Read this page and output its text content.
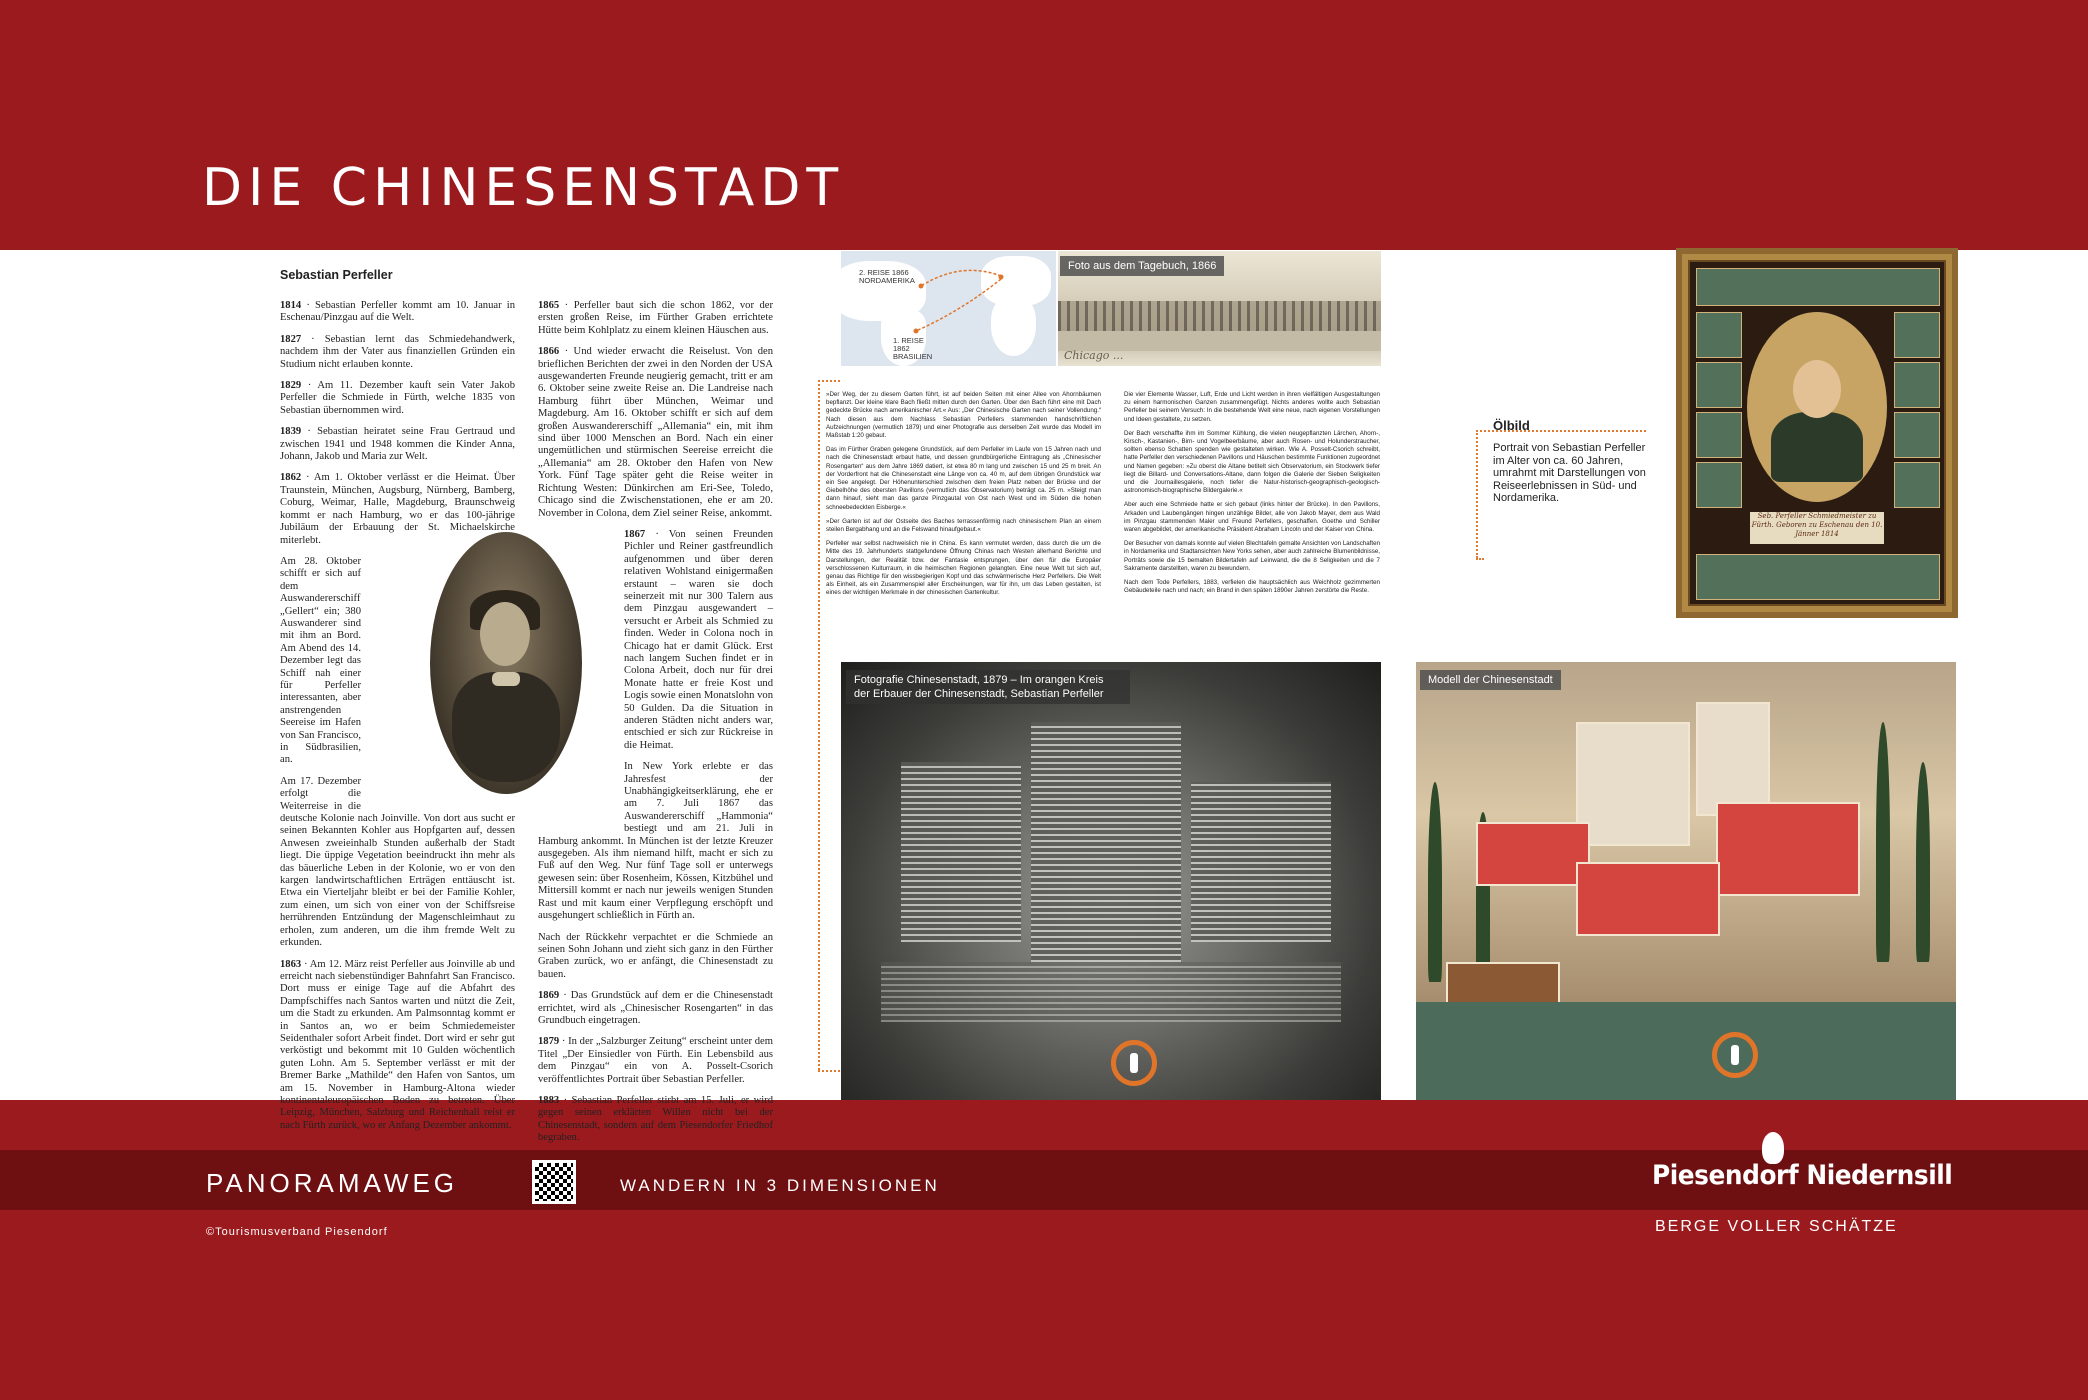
DIE CHINESENSTADT
Sebastian Perfeller

1814 · Sebastian Perfeller kommt am 10. Januar in Eschenau/Pinzgau auf die Welt.

1827 · Sebastian lernt das Schmiedehandwerk, nachdem ihm der Vater aus finanziellen Gründen ein Studium nicht erlauben konnte.

1829 · Am 11. Dezember kauft sein Vater Jakob Perfeller die Schmiede in Fürth, welche 1835 von Sebastian übernommen wird.

1839 · Sebastian heiratet seine Frau Gertraud und zwischen 1941 und 1948 kommen die Kinder Anna, Johann, Jakob und Maria zur Welt.

1862 · Am 1. Oktober verlässt er die Heimat. Über Traunstein, München, Augsburg, Nürnberg, Bamberg, Coburg, Weimar, Halle, Magdeburg, Braunschweig kommt er nach Hamburg, wo er das 100-jährige Jubiläum der Erbauung der St. Michaelskirche miterlebt.

Am 28. Oktober schifft er sich auf dem Auswandererschiff „Gellert“ ein; 380 Auswanderer sind mit ihm an Bord. Am Abend des 14. Dezember legt das Schiff nah einer für Perfeller interessanten, aber anstrengenden Seereise im Hafen von San Francisco, in Südbrasilien, an.

Am 17. Dezember erfolgt die Weiterreise in die deutsche Kolonie nach Joinville. Von dort aus sucht er seinen Bekannten Kohler aus Hopfgarten auf, dessen Anwesen zweieinhalb Stunden außerhalb der Stadt liegt. Die üppige Vegetation beeindruckt ihn mehr als das bäuerliche Leben in der Kolonie, wo er von den kargen landwirtschaftlichen Erträgen enttäuscht ist. Etwa ein Vierteljahr bleibt er bei der Familie Kohler, zum einen, um sich von einer von der Schiffsreise herrührenden Entzündung der Magenschleimhaut zu erholen, zum anderen, um die ihm fremde Welt zu erkunden.

1863 · Am 12. März reist Perfeller aus Joinville ab und erreicht nach siebenstündiger Bahnfahrt San Francisco. Dort muss er einige Tage auf die Abfahrt des Dampfschiffes nach Santos warten und nützt die Zeit, um die Stadt zu erkunden. Am Palmsonntag kommt er in Santos an, wo er beim Schmiedemeister Seidenthaler sofort Arbeit findet. Dort wird er sehr gut verköstigt und bekommt mit 10 Gulden wöchentlich guten Lohn. Am 5. September verlässt er mit der Bremer Barke „Mathilde“ den Hafen von Santos, um am 15. November in Hamburg-Altona wieder kontinentaleuropäischen Boden zu betreten. Über Leipzig, München, Salzburg und Reichenhall reist er nach Fürth zurück, wo er Anfang Dezember ankommt.

1865 · Perfeller baut sich die schon 1862, vor der ersten großen Reise, im Fürther Graben errichtete Hütte beim Kohlplatz zu einem kleinen Häuschen aus.

1866 · Und wieder erwacht die Reiselust. Von den brieflichen Berichten der zwei in den Norden der USA ausgewanderten Freunde neugierig gemacht, tritt er am 6. Oktober seine zweite Reise an. Die Landreise nach Hamburg führt über München, Weimar und Magdeburg. Am 16. Oktober schifft er sich auf dem großen Auswandererschiff „Allemania“ ein, mit ihm sind über 1000 Menschen an Bord. Nach ein einer ungemütlichen und stürmischen Seereise erreicht die „Allemania“ am 28. Oktober den Hafen von New York. Fünf Tage später geht die Reise weiter in Richtung Westen: Dünkirchen am Eri-See, Toledo, Chicago sind die Zwischenstationen, ehe er am 20. November in Colona, dem Ziel seiner Reise, ankommt.

1867 · Von seinen Freunden Pichler und Reiner gastfreundlich aufgenommen und über deren relativen Wohlstand einigermaßen erstaunt – waren sie doch seinerzeit mit nur 300 Talern aus dem Pinzgau ausgewandert – versucht er Arbeit als Schmied zu finden. Weder in Colona noch in Chicago hat er damit Glück. Erst nach langem Suchen findet er in Colona Arbeit, doch nur für drei Monate hatte er freie Kost und Logis sowie einen Monatslohn von 50 Gulden. Da die Situation in anderen Städten nicht anders war, entschied er sich zur Rückreise in die Heimat.

In New York erlebte er das Jahresfest der Unabhängigkeitserklärung, ehe er am 7. Juli 1867 das Auswandererschiff „Hammonia“ bestiegt und am 21. Juli in Hamburg ankommt. In München ist der letzte Kreuzer ausgegeben. Als ihm niemand hilft, macht er sich zu Fuß auf den Weg. Nur fünf Tage soll er unterwegs gewesen sein: über Rosenheim, Kössen, Kitzbühel und Mittersill kommt er nach nur jeweils wenigen Stunden Rast und mit kaum einer Verpflegung erschöpft und ausgehungert schließlich in Fürth an.

Nach der Rückkehr verpachtet er die Schmiede an seinen Sohn Johann und zieht sich ganz in den Fürther Graben zurück, wo er anfängt, die Chinesenstadt zu bauen.

1869 · Das Grundstück auf dem er die Chinesenstadt errichtet, wird als „Chinesischer Rosengarten“ in das Grundbuch eingetragen.

1879 · In der „Salzburger Zeitung“ erscheint unter dem Titel „Der Einsiedler von Fürth. Ein Lebensbild aus dem Pinzgau“ ein von A. Posselt-Csorich veröffentlichtes Portrait über Sebastian Perfeller.

1883 · Sebastian Perfeller stirbt am 15. Juli, er wird gegen seinen erklärten Willen nicht bei der Chinesenstadt, sondern auf dem Piesendorfer Friedhof begraben.

2. REISE 1866 NORDAMERIKA
1. REISE 1862 BRASILIEN	Chicago ...
Foto aus dem Tagebuch, 1866

»Der Weg, der zu diesem Garten führt, ist auf beiden Seiten mit einer Allee von Ahornbäumen bepflanzt. Der kleine klare Bach fließt mitten durch den Garten. Über den Bach führt eine mit Dach gedeckte Brücke nach amerikanischer Art.« Aus: „Der Chinesische Garten nach seiner Vollendung.“ Nach diesen aus dem Nachlass Sebastian Perfellers stammenden handschriftlichen Aufzeichnungen (vermutlich 1879) und einer Photografie aus derselben Zeit wurde das Modell im Maßstab 1:20 gebaut.

Das im Fürther Graben gelegene Grundstück, auf dem Perfeller im Laufe von 15 Jahren nach und nach die Chinesenstadt erbaut hatte, und dessen grundbürgerliche Eintragung als „Chinesischer Rosengarten“ aus dem Jahre 1869 datiert, ist etwa 80 m lang und zwischen 15 und 25 m breit. An der Vorderfront hat die Chinesenstadt eine Länge von ca. 40 m, auf dem übrigen Grundstück war ein See angelegt. Der Höhenunterschied zwischen dem freien Platz neben der Brücke und der Giebelhöhe des obersten Pavillons (vermutlich das Observatorium) beträgt ca. 25 m. »Steigt man dann hinauf, sieht man das ganze Pinzgautal von Ost nach West und im Süden die hohen schneebedeckten Eisberge.«

»Der Garten ist auf der Ostseite des Baches terrassenförmig nach chinesischem Plan an einem steilen Bergabhang und an die Felswand hinaufgebaut.«

Perfeller war selbst nachweislich nie in China. Es kann vermutet werden, dass durch die um die Mitte des 19. Jahrhunderts stattgefundene Öffnung Chinas nach Westen allerhand Berichte und Darstellungen, der Realität bzw. der Fantasie entsprungen, über den für die Europäer verschlossenen Kulturraum, in die heimischen Regionen gelangten. Eine neue Welt tut sich auf, genau das Richtige für den wissbegierigen Kopf und das schwärmerische Herz Perfellers. Die Welt als Einheit, als ein Zusammenspiel aller Erscheinungen, war für ihn, um das Leben gestalten, ist eines der wichtigen Merkmale in der chinesischen Gartenkultur.

Die vier Elemente Wasser, Luft, Erde und Licht werden in ihren vielfältigen Ausgestaltungen zu einem harmonischen Ganzen zusammengefügt. Nichts anderes wollte auch Sebastian Perfeller bei seinem Versuch: In die bestehende Welt eine neue, nach eigenen Vorstellungen und Ideen gestaltete, zu setzen.

Der Bach verschaffte ihm im Sommer Kühlung, die vielen neugepflanzten Lärchen, Ahorn-, Kirsch-, Kastanien-, Birn- und Vogelbeerbäume, aber auch Rosen- und Holunderstraucher, sollten ebenso Schatten spenden wie gestalteten wirken. Wie A. Posselt-Csorich schreibt, hatte Perfeller den verschiedenen Pavillons und Häuschen bestimmte Funktionen zugeordnet und Namen gegeben: »Zu oberst die Altane betitelt sich Observatorium, ein Stockwerk tiefer liegt die Billard- und Conversations-Altane, dann folgen die Galerie der Sieben Seligkeiten und die Journaillesgalerie, noch tiefer die Natur-historisch-geographisch-geologisch-astronomisch-biographische Bildergalerie.«

Aber auch eine Schmiede hatte er sich gebaut (links hinter der Brücke). In den Pavillons, Arkaden und Laubengängen hingen unzählige Bilder, alle von Jakob Mayer, dem aus Wald im Pinzgau stammenden Maler und Freund Perfellers, geschaffen. Goethe und Schiller waren abgebildet, der amerikanische Präsident Abraham Lincoln und der Kaiser von China.

Der Besucher von damals konnte auf vielen Blechtafeln gemalte Ansichten von Landschaften in Nordamerika und Stadtansichten New Yorks sehen, aber auch zahlreiche Blumenbildnisse, Porträts sowie die 15 bemalten Bildertafeln auf Leinwand, die die 8 Seligkeiten und die 7 Sakramente darstellten, waren zu bewundern.

Nach dem Tode Perfellers, 1883, verfielen die hauptsächlich aus Weichholz gezimmerten Gebäudeteile nach und nach; ein Brand in den späten 1890er Jahren zerstörte die Reste.

Seb. Perfeller Schmiedmeister zu Fürth. Geboren zu Eschenau den 10. Jänner 1814
Ölbild
Portrait von Sebastian Perfeller im Alter von ca. 60 Jahren, umrahmt mit Darstellungen von Reiseerlebnissen in Süd- und Nordamerika.
Fotografie Chinesenstadt, 1879 – Im orangen Kreis der Erbauer der Chinesenstadt, Sebastian Perfeller
Modell der Chinesenstadt
PANORAMAWEG	WANDERN IN 3 DIMENSIONEN
©Tourismusverband Piesendorf
Piesendorf Niedernsill
BERGE VOLLER SCHÄTZE
